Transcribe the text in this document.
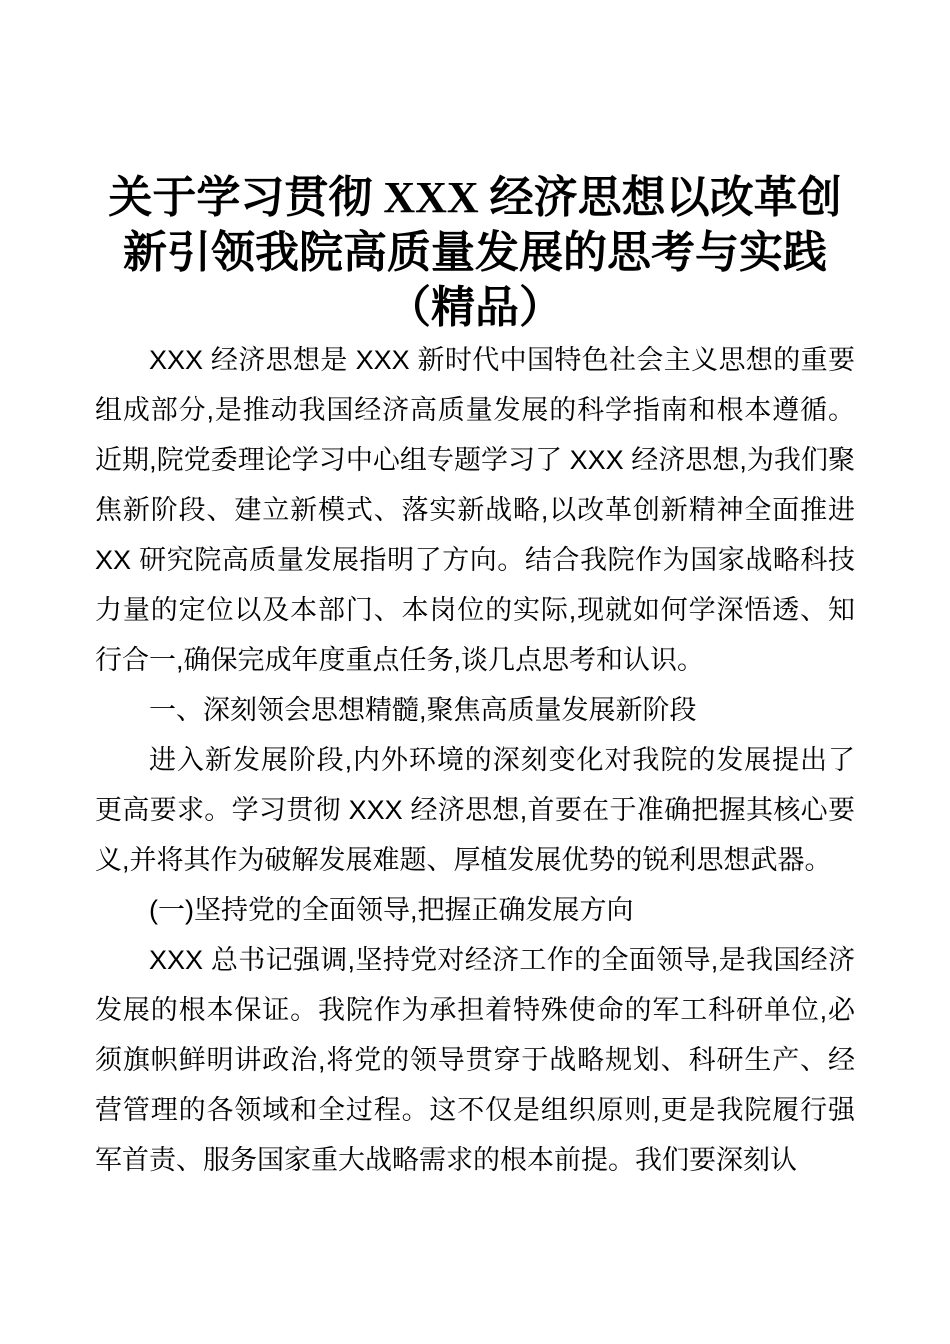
关于学习贯彻 XXX 经济思想以改革创新引领我院高质量发展的思考与实践（精品）

XXX 经济思想是 XXX 新时代中国特色社会主义思想的重要组成部分,是推动我国经济高质量发展的科学指南和根本遵循。近期,院党委理论学习中心组专题学习了 XXX 经济思想,为我们聚焦新阶段、建立新模式、落实新战略,以改革创新精神全面推进 XX 研究院高质量发展指明了方向。结合我院作为国家战略科技力量的定位以及本部门、本岗位的实际,现就如何学深悟透、知行合一,确保完成年度重点任务,谈几点思考和认识。

一、深刻领会思想精髓,聚焦高质量发展新阶段

进入新发展阶段,内外环境的深刻变化对我院的发展提出了更高要求。学习贯彻 XXX 经济思想,首要在于准确把握其核心要义,并将其作为破解发展难题、厚植发展优势的锐利思想武器。

(一)坚持党的全面领导,把握正确发展方向

XXX 总书记强调,坚持党对经济工作的全面领导,是我国经济发展的根本保证。我院作为承担着特殊使命的军工科研单位,必须旗帜鲜明讲政治,将党的领导贯穿于战略规划、科研生产、经营管理的各领域和全过程。这不仅是组织原则,更是我院履行强军首责、服务国家重大战略需求的根本前提。我们要深刻认
